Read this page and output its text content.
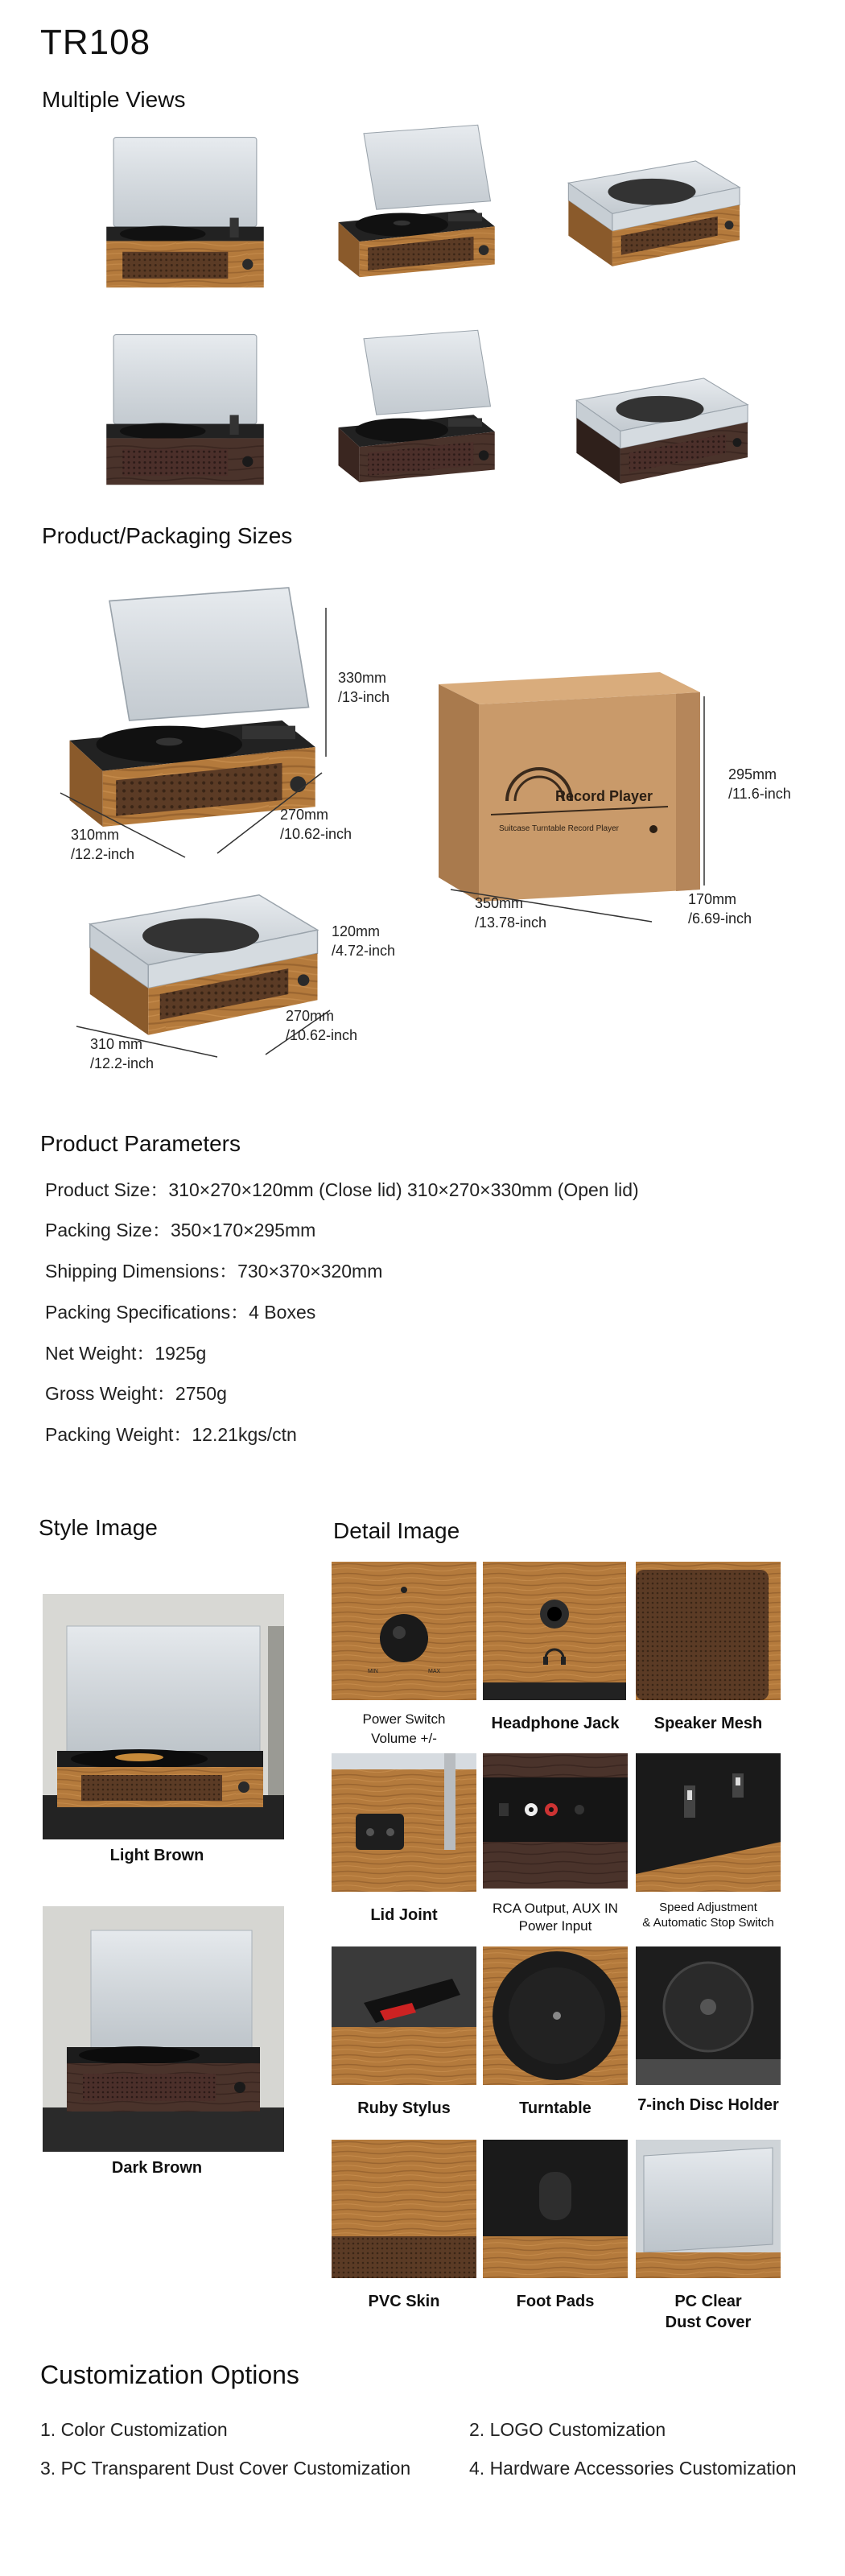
TR108
Multiple Views
Product/Packaging Sizes
330mm
/13-inch
270mm
/10.62-inch
310mm
/12.2-inch
Record Player
Suitcase Turntable Record Player
295mm
/11.6-inch
350mm
/13.78-inch
170mm
/6.69-inch
120mm
/4.72-inch
270mm
/10.62-inch
310 mm
/12.2-inch
Product Parameters
Product Size：310×270×120mm (Close lid) 310×270×330mm (Open lid)
Packing Size：350×170×295mm
Shipping Dimensions：730×370×320mm
Packing Specifications：4 Boxes
Net Weight：1925g
Gross Weight：2750g
Packing Weight：12.21kgs/ctn
Style Image	Detail Image
Light Brown
Dark Brown
MIN	MAX
Power Switch
Volume +/-
Headphone Jack	Speaker Mesh
Lid Joint	RCA Output, AUX IN
Power Input
Speed Adjustment
& Automatic Stop Switch
Ruby Stylus	Turntable	7-inch Disc Holder
PVC Skin	Foot Pads	PC Clear
Dust Cover
Customization Options
1. Color Customization	2. LOGO Customization
3. PC Transparent Dust Cover Customization	4. Hardware Accessories Customization
